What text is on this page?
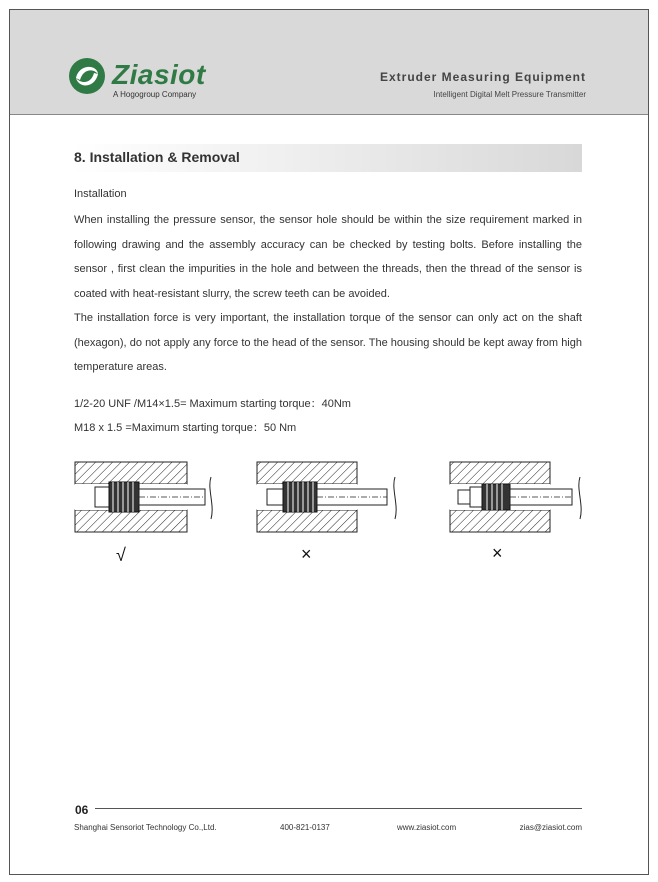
Ziasiot
A Hogogroup Company
Extruder Measuring Equipment
Intelligent Digital Melt Pressure Transmitter
8. Installation & Removal
Installation
When installing the pressure sensor, the sensor hole should be within the size requirement marked in following drawing and the assembly accuracy can be checked by testing bolts. Before installing the sensor , first clean the impurities in the hole and between the threads, then the thread of the sensor is coated with heat-resistant slurry, the screw teeth can be avoided.
The installation force is very important, the installation torque of the sensor can only act on the shaft (hexagon), do not apply any force to the head of the sensor. The housing should be kept away from high temperature areas.
1/2-20 UNF /M14×1.5= Maximum starting torque：40Nm
M18 x 1.5 =Maximum starting torque：50 Nm
√	×	×
06
Shanghai Sensoriot Technology Co.,Ltd.	400-821-0137	www.ziasiot.com	zias@ziasiot.com
